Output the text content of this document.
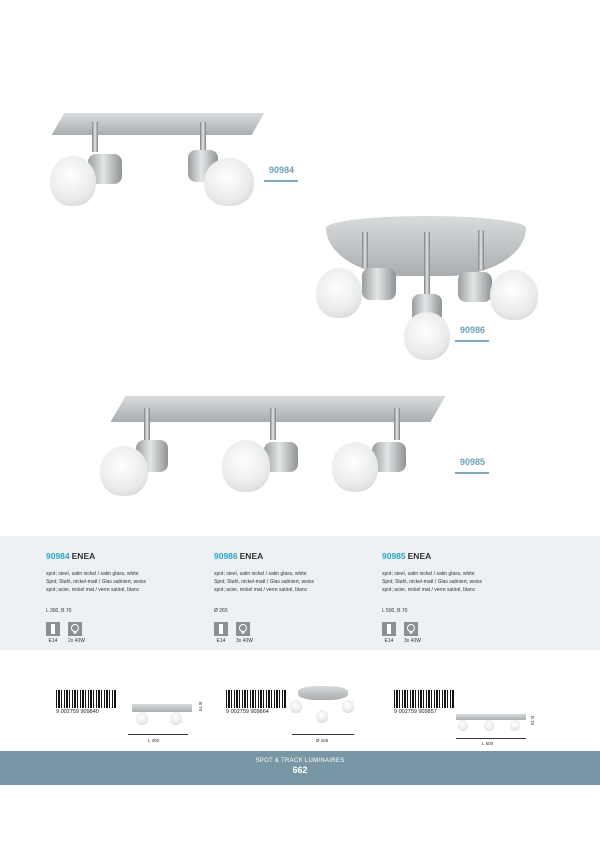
90984
90986
90985
90984 ENEA
spot; steel, satin nickel / satin glass, white
Spot; Stahl, nickel-matt / Glas satiniert, weiss
spot; acier, nickel mat / verre satiné, blanc
L 300, B 70
E14	2x 40W
90986 ENEA
spot; steel, satin nickel / satin glass, white
Spot; Stahl, nickel-matt / Glas satiniert, weiss
spot; acier, nickel mat / verre satiné, blanc
Ø 265
E14	3x 40W
90985 ENEA
spot; steel, satin nickel / satin glass, white
Spot; Stahl, nickel-matt / Glas satiniert, weiss
spot; acier, nickel mat / verre satiné, blanc
L 500, B 70
E14	3x 40W
9 002759 909840
B 70
L 300
9 002759 909864
Ø 265
9 002759 909857
B 70
L 500
SPOT & TRACK LUMINAIRES
662
